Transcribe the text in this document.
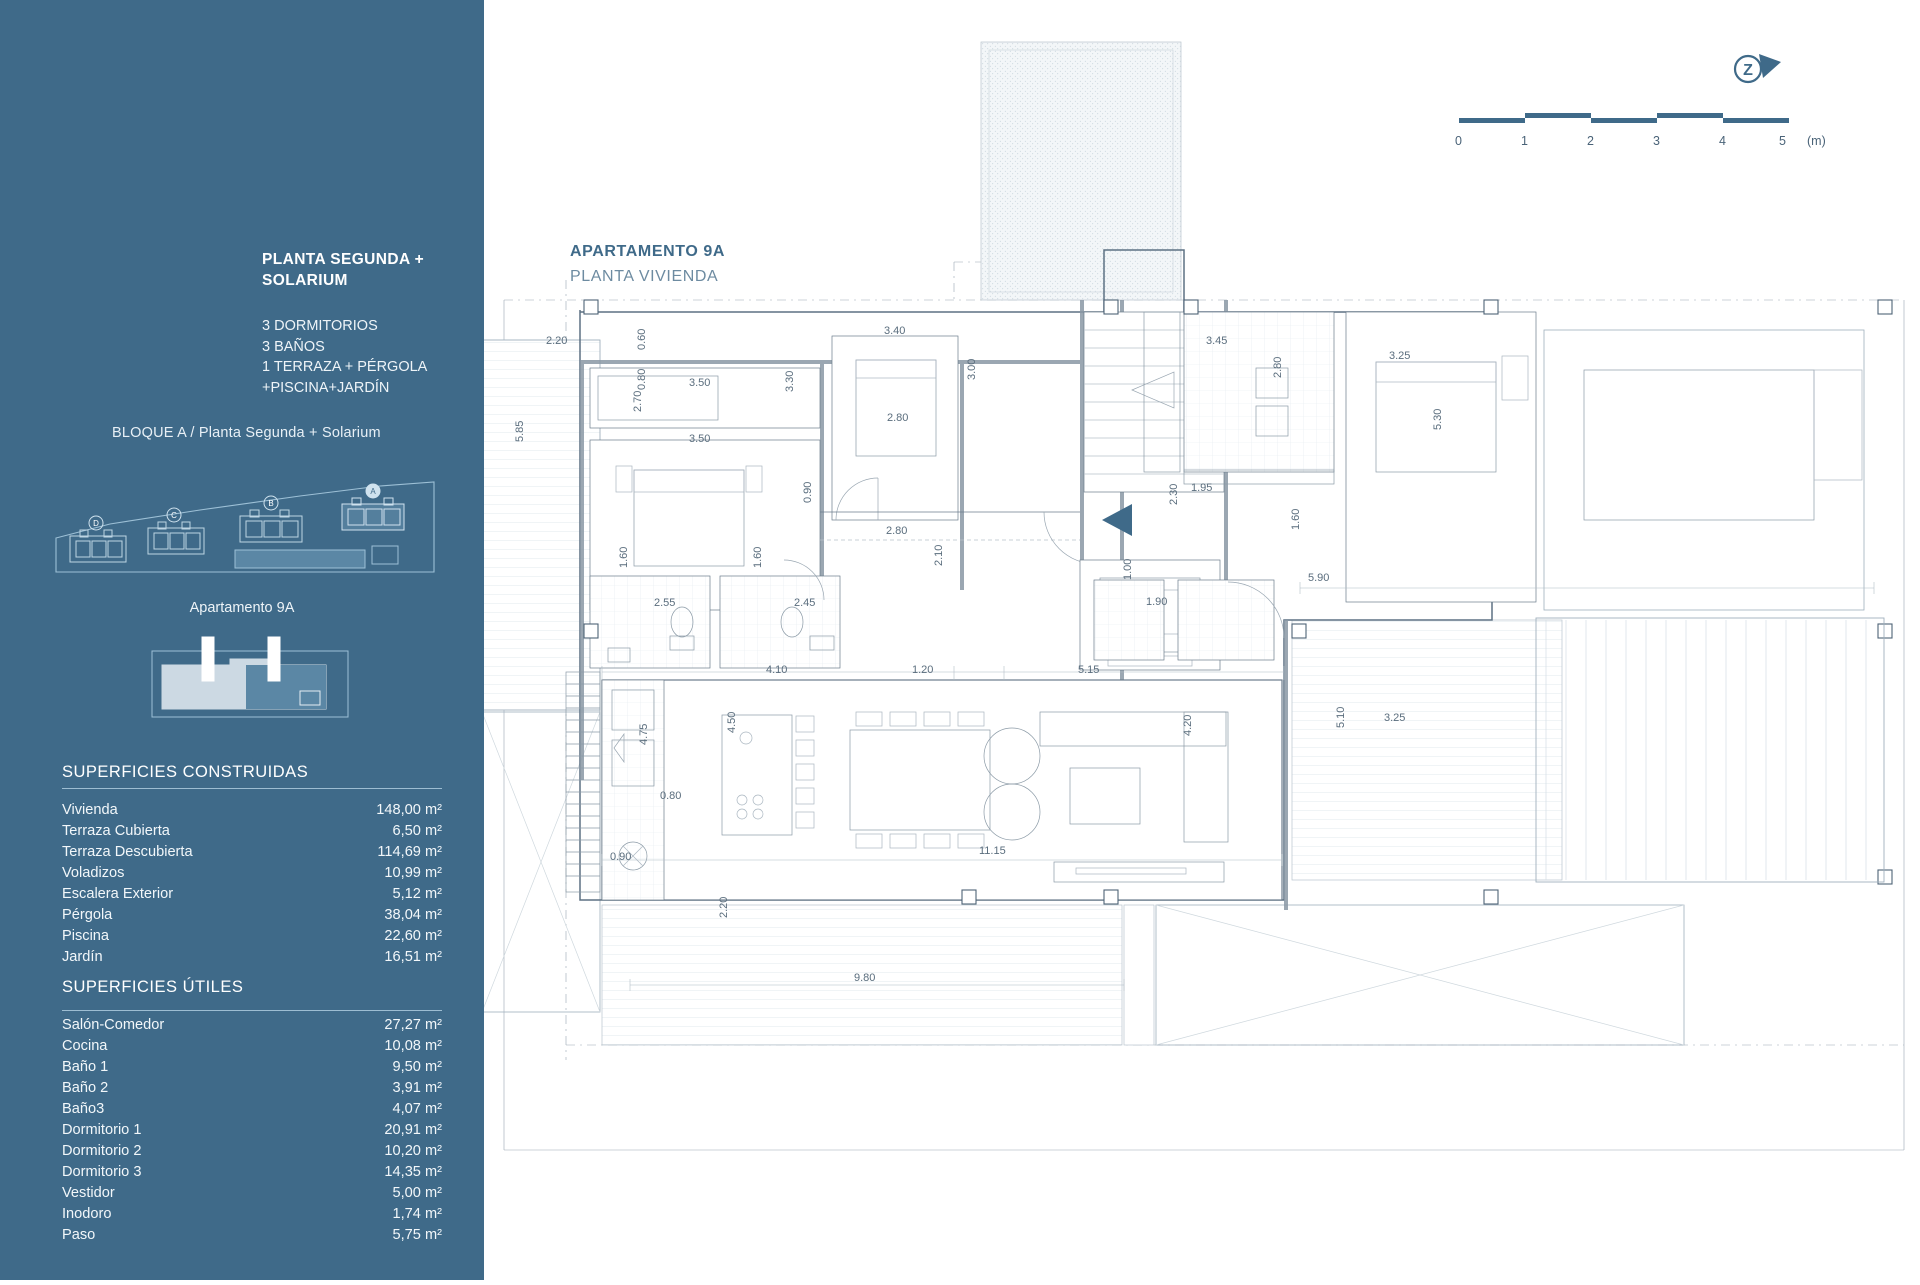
PLANTA SEGUNDA +
SOLARIUM
3 DORMITORIOS
3 BAÑOS
1 TERRAZA + PÉRGOLA
+PISCINA+JARDÍN
BLOQUE A / Planta Segunda + Solarium
D
C
B
A
Apartamento 9A
SUPERFICIES CONSTRUIDAS
Vivienda	148,00 m²
Terraza Cubierta	6,50 m²
Terraza Descubierta	114,69 m²
Voladizos	10,99 m²
Escalera Exterior	5,12 m²
Pérgola	38,04 m²
Piscina	22,60 m²
Jardín	16,51 m²
SUPERFICIES ÚTILES
Salón-Comedor	27,27 m²
Cocina	10,08 m²
Baño 1	9,50 m²
Baño 2	3,91 m²
Baño3	4,07 m²
Dormitorio 1	20,91 m²
Dormitorio 2	10,20 m²
Dormitorio 3	14,35 m²
Vestidor	5,00 m²
Inodoro	1,74 m²
Paso	5,75 m²
APARTAMENTO 9A
PLANTA VIVIENDA
Z
0	1	2	3	4	5 (m)
2.20	0.60
0.80
3.40
3.45
3.25
3.50
3.00	2.80
3.30
2.80
3.50
2.70
5.30
5.85
1.95
0.90
2.80
2.30
1.60
5.90
1.60	1.60	2.10
2.55	2.45	1.90
1.00
4.10	1.20	5.15
3.25
5.10
4.50	4.20
4.75
0.80
0.90	11.15
2.20
9.80
